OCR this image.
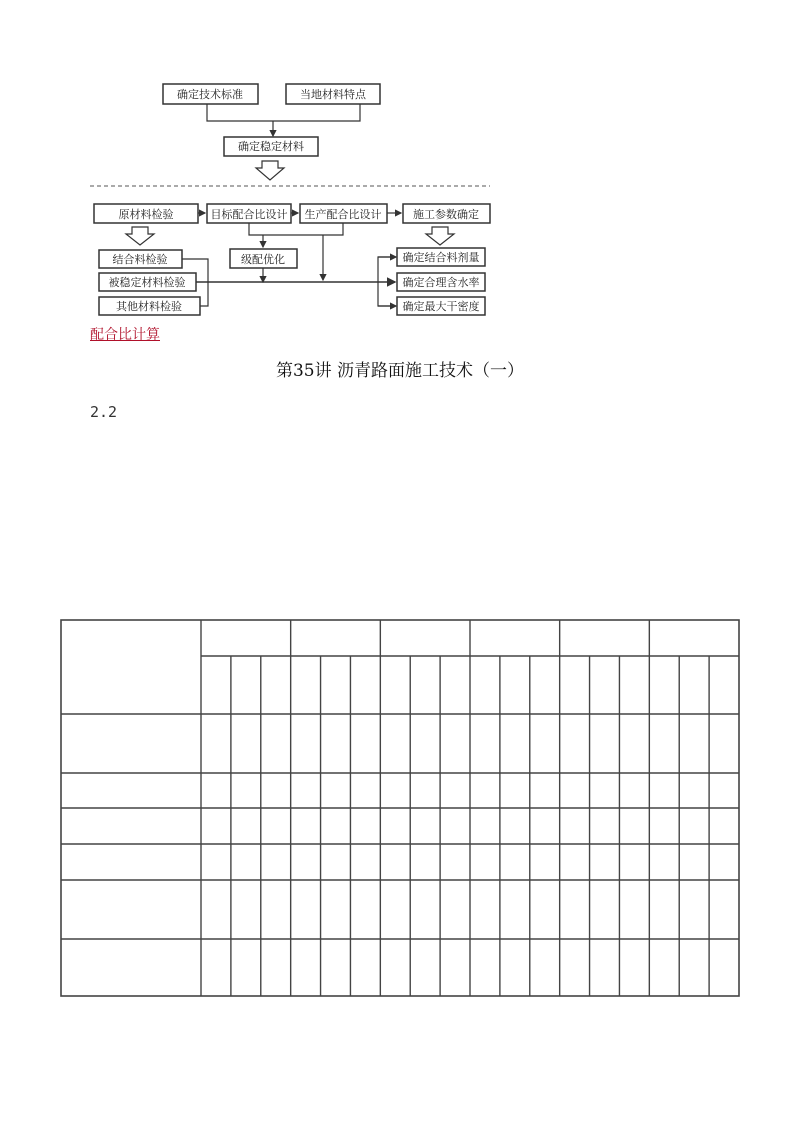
确定技术标准	当地材料特点
确定稳定材料
原材料检验	目标配合比设计 生产配合比设计	施工参数确定
级配优化
结合料检验
被稳定材料检验
其他材料检验
确定结合料剂量
确定合理含水率
确定最大干密度
配合比计算
第35讲 沥青路面施工技术（一）
2.2
